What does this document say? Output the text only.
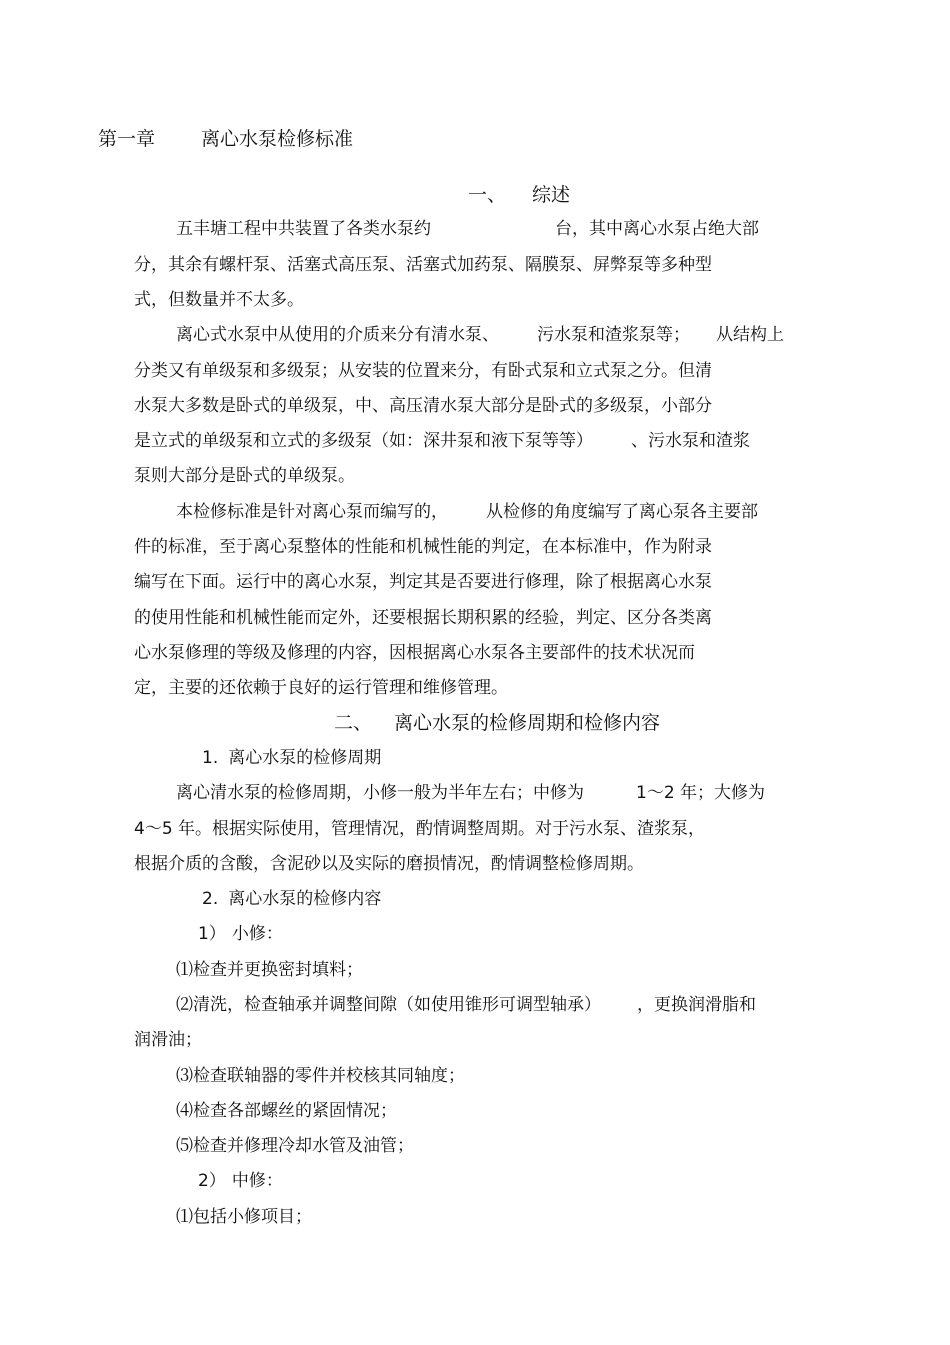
第一章 离心水泵检修标准
一、 综述
五丰塘工程中共装置了各类水泵约	台，其中离心水泵占绝大部
分，其余有螺杆泵、活塞式高压泵、活塞式加药泵、隔膜泵、屏弊泵等多种型
式，但数量并不太多。
离心式水泵中从使用的介质来分有清水泵、 污水泵和渣浆泵等； 从结构上
分类又有单级泵和多级泵；从安装的位置来分，有卧式泵和立式泵之分。但清
水泵大多数是卧式的单级泵，中、高压清水泵大部分是卧式的多级泵，小部分
是立式的单级泵和立式的多级泵（如：深井泵和液下泵等等） 、污水泵和渣浆
泵则大部分是卧式的单级泵。
本检修标准是针对离心泵而编写的， 从检修的角度编写了离心泵各主要部
件的标准，至于离心泵整体的性能和机械性能的判定，在本标准中，作为附录
编写在下面。运行中的离心水泵，判定其是否要进行修理，除了根据离心水泵
的使用性能和机械性能而定外，还要根据长期积累的经验，判定、区分各类离
心水泵修理的等级及修理的内容，因根据离心水泵各主要部件的技术状况而
定，主要的还依赖于良好的运行管理和维修管理。
二、 离心水泵的检修周期和检修内容
1. 离心水泵的检修周期
离心清水泵的检修周期，小修一般为半年左右；中修为	1～2 年；大修为
4～5 年。根据实际使用，管理情况，酌情调整周期。对于污水泵、渣浆泵，
根据介质的含酸，含泥砂以及实际的磨损情况，酌情调整检修周期。
2. 离心水泵的检修内容
1） 小修：
⑴检查并更换密封填料；
⑵清洗，检查轴承并调整间隙（如使用锥形可调型轴承） ，更换润滑脂和
润滑油；
⑶检查联轴器的零件并校核其同轴度；
⑷检查各部螺丝的紧固情况；
⑸检查并修理冷却水管及油管；
2） 中修：
⑴包括小修项目；
